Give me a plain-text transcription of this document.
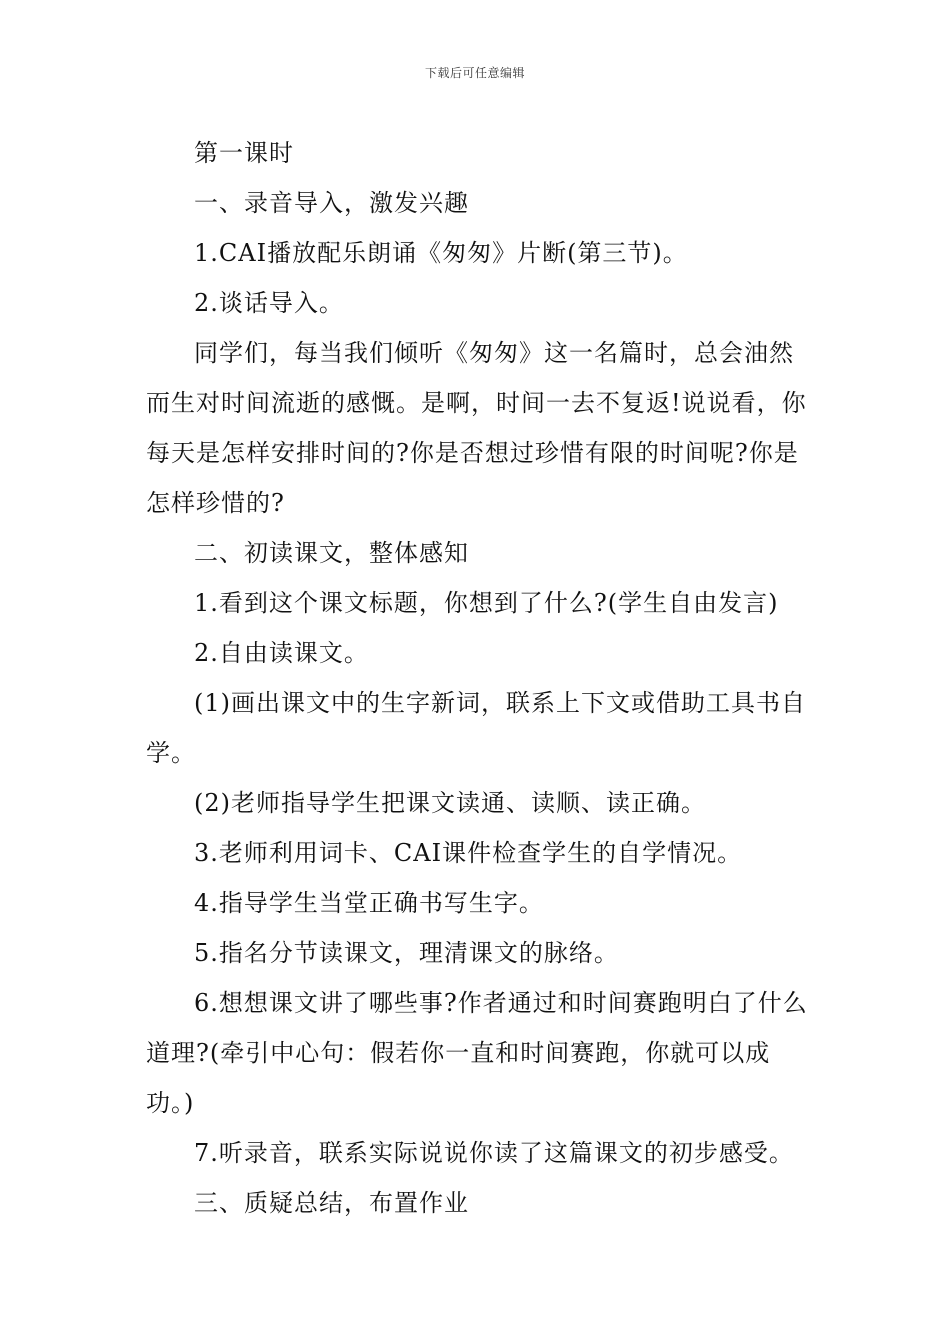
下载后可任意编辑

第一课时

一、录音导入，激发兴趣

1.CAI播放配乐朗诵《匆匆》片断(第三节)。

2.谈话导入。

同学们，每当我们倾听《匆匆》这一名篇时，总会油然而生对时间流逝的感慨。是啊，时间一去不复返!说说看，你每天是怎样安排时间的?你是否想过珍惜有限的时间呢?你是怎样珍惜的?

二、初读课文，整体感知

1.看到这个课文标题，你想到了什么?(学生自由发言)

2.自由读课文。

(1)画出课文中的生字新词，联系上下文或借助工具书自学。

(2)老师指导学生把课文读通、读顺、读正确。

3.老师利用词卡、CAI课件检查学生的自学情况。

4.指导学生当堂正确书写生字。

5.指名分节读课文，理清课文的脉络。

6.想想课文讲了哪些事?作者通过和时间赛跑明白了什么道理?(牵引中心句：假若你一直和时间赛跑，你就可以成功。)

7.听录音，联系实际说说你读了这篇课文的初步感受。

三、质疑总结，布置作业
